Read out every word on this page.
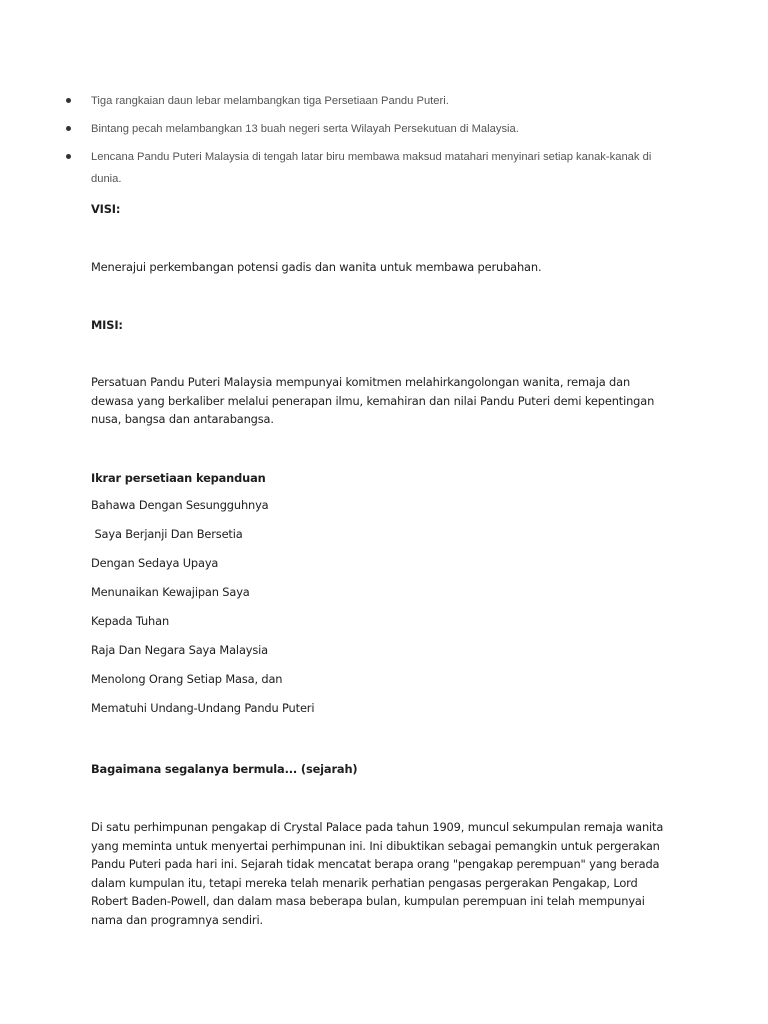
Tiga rangkaian daun lebar melambangkan tiga Persetiaan Pandu Puteri.
Bintang pecah melambangkan 13 buah negeri serta Wilayah Persekutuan di Malaysia.
Lencana Pandu Puteri Malaysia di tengah latar biru membawa maksud matahari menyinari setiap kanak-kanak di dunia.
VISI:
Menerajui perkembangan potensi gadis dan wanita untuk membawa perubahan.
MISI:
Persatuan Pandu Puteri Malaysia mempunyai komitmen melahirkangolongan wanita, remaja dan dewasa yang berkaliber melalui penerapan ilmu, kemahiran dan nilai Pandu Puteri demi kepentingan nusa, bangsa dan antarabangsa.
Ikrar persetiaan kepanduan
Bahawa Dengan Sesungguhnya
Saya Berjanji Dan Bersetia
Dengan Sedaya Upaya
Menunaikan Kewajipan Saya
Kepada Tuhan
Raja Dan Negara Saya Malaysia
Menolong Orang Setiap Masa, dan
Mematuhi Undang-Undang Pandu Puteri
Bagaimana segalanya bermula... (sejarah)
Di satu perhimpunan pengakap di Crystal Palace pada tahun 1909, muncul sekumpulan remaja wanita yang meminta untuk menyertai perhimpunan ini. Ini dibuktikan sebagai pemangkin untuk pergerakan Pandu Puteri pada hari ini. Sejarah tidak mencatat berapa orang "pengakap perempuan" yang berada dalam kumpulan itu, tetapi mereka telah menarik perhatian pengasas pergerakan Pengakap, Lord Robert Baden-Powell, dan dalam masa beberapa bulan, kumpulan perempuan ini telah mempunyai nama dan programnya sendiri.
